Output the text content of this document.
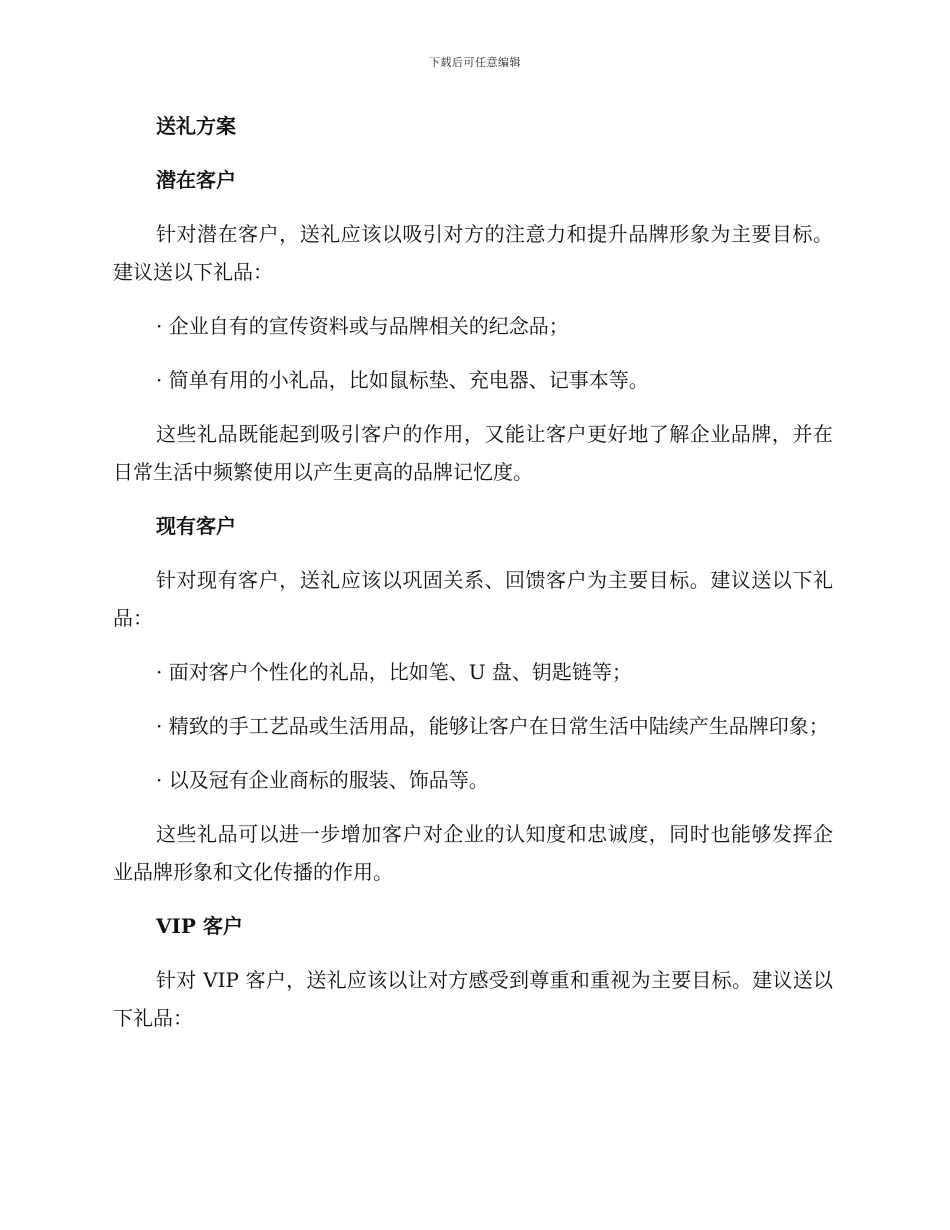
下载后可任意编辑

送礼方案

潜在客户

针对潜在客户，送礼应该以吸引对方的注意力和提升品牌形象为主要目标。建议送以下礼品：

· 企业自有的宣传资料或与品牌相关的纪念品；

· 简单有用的小礼品，比如鼠标垫、充电器、记事本等。

这些礼品既能起到吸引客户的作用，又能让客户更好地了解企业品牌，并在日常生活中频繁使用以产生更高的品牌记忆度。

现有客户

针对现有客户，送礼应该以巩固关系、回馈客户为主要目标。建议送以下礼品：

· 面对客户个性化的礼品，比如笔、U 盘、钥匙链等；

· 精致的手工艺品或生活用品，能够让客户在日常生活中陆续产生品牌印象；

· 以及冠有企业商标的服装、饰品等。

这些礼品可以进一步增加客户对企业的认知度和忠诚度，同时也能够发挥企业品牌形象和文化传播的作用。

VIP 客户

针对 VIP 客户，送礼应该以让对方感受到尊重和重视为主要目标。建议送以下礼品：
